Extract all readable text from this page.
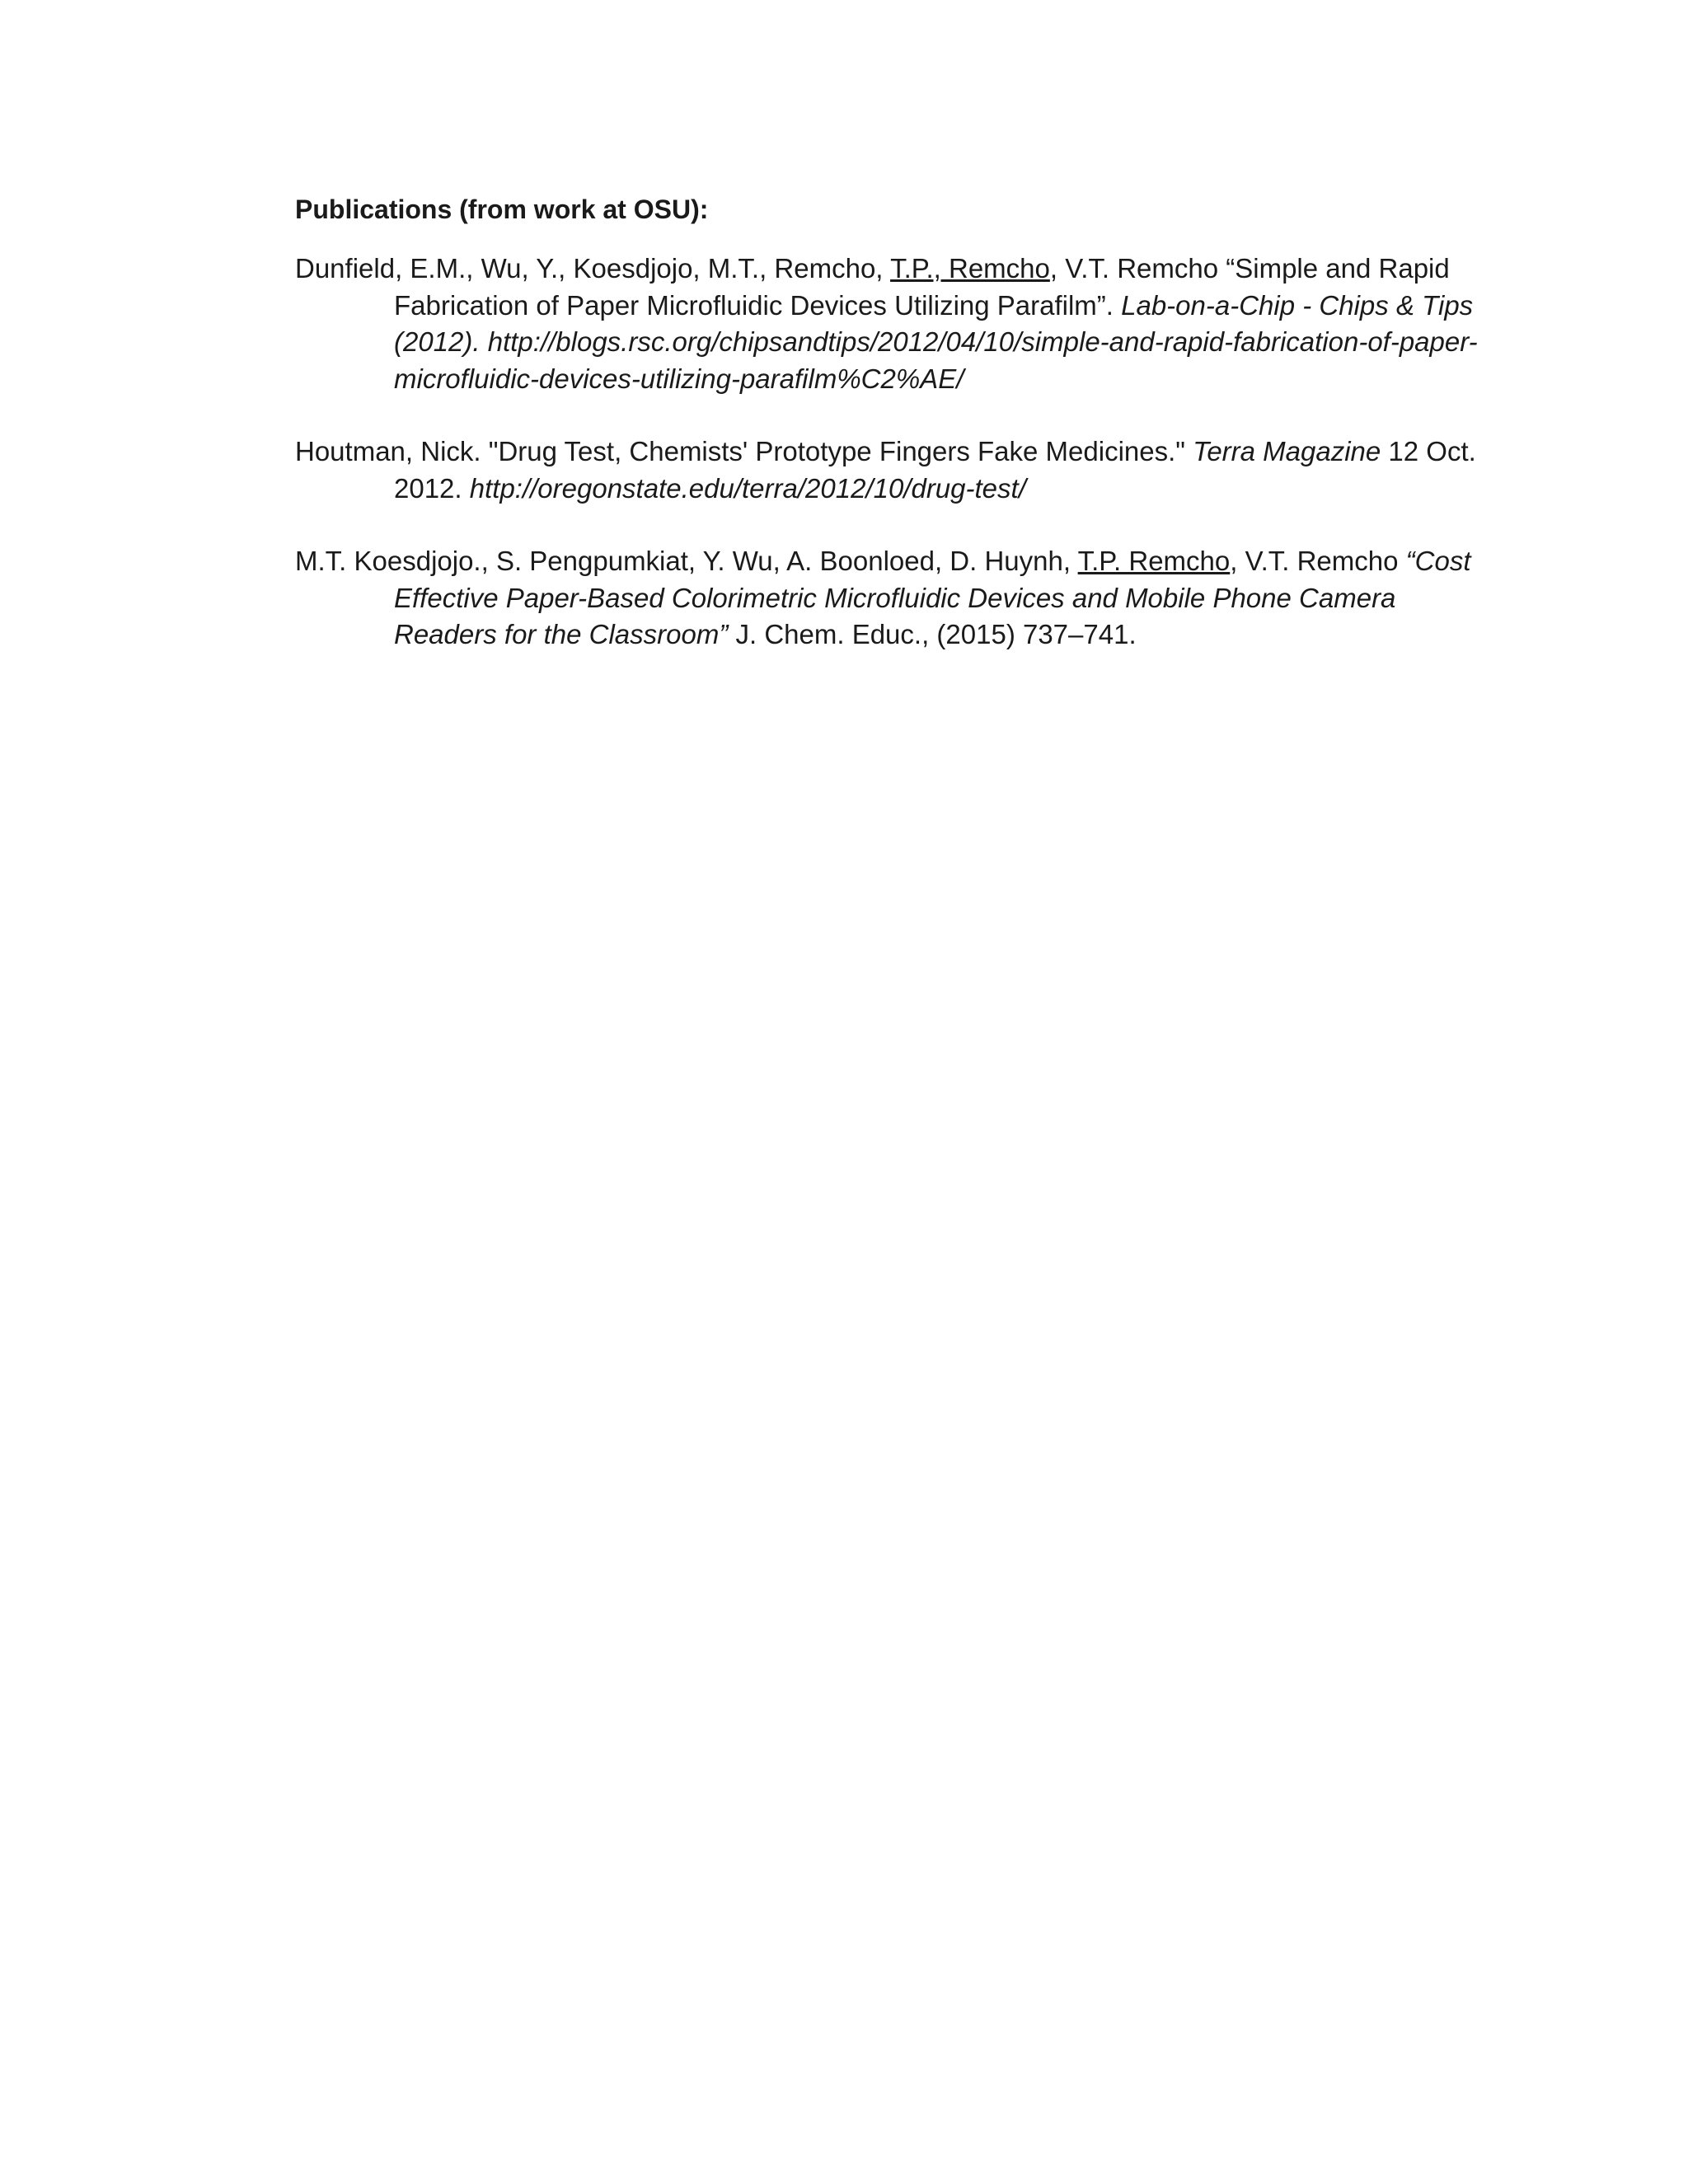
Publications (from work at OSU):

Dunfield, E.M., Wu, Y., Koesdjojo, M.T., Remcho, T.P., Remcho, V.T. Remcho “Simple and Rapid Fabrication of Paper Microfluidic Devices Utilizing Parafilm”. Lab-on-a-Chip - Chips & Tips (2012). http://blogs.rsc.org/chipsandtips/2012/04/10/simple-and-rapid-fabrication-of-paper-microfluidic-devices-utilizing-parafilm%C2%AE/

Houtman, Nick. "Drug Test, Chemists' Prototype Fingers Fake Medicines." Terra Magazine 12 Oct. 2012. http://oregonstate.edu/terra/2012/10/drug-test/

M.T. Koesdjojo., S. Pengpumkiat, Y. Wu, A. Boonloed, D. Huynh, T.P. Remcho, V.T. Remcho “Cost Effective Paper-Based Colorimetric Microfluidic Devices and Mobile Phone Camera Readers for the Classroom” J. Chem. Educ., (2015) 737–741.
